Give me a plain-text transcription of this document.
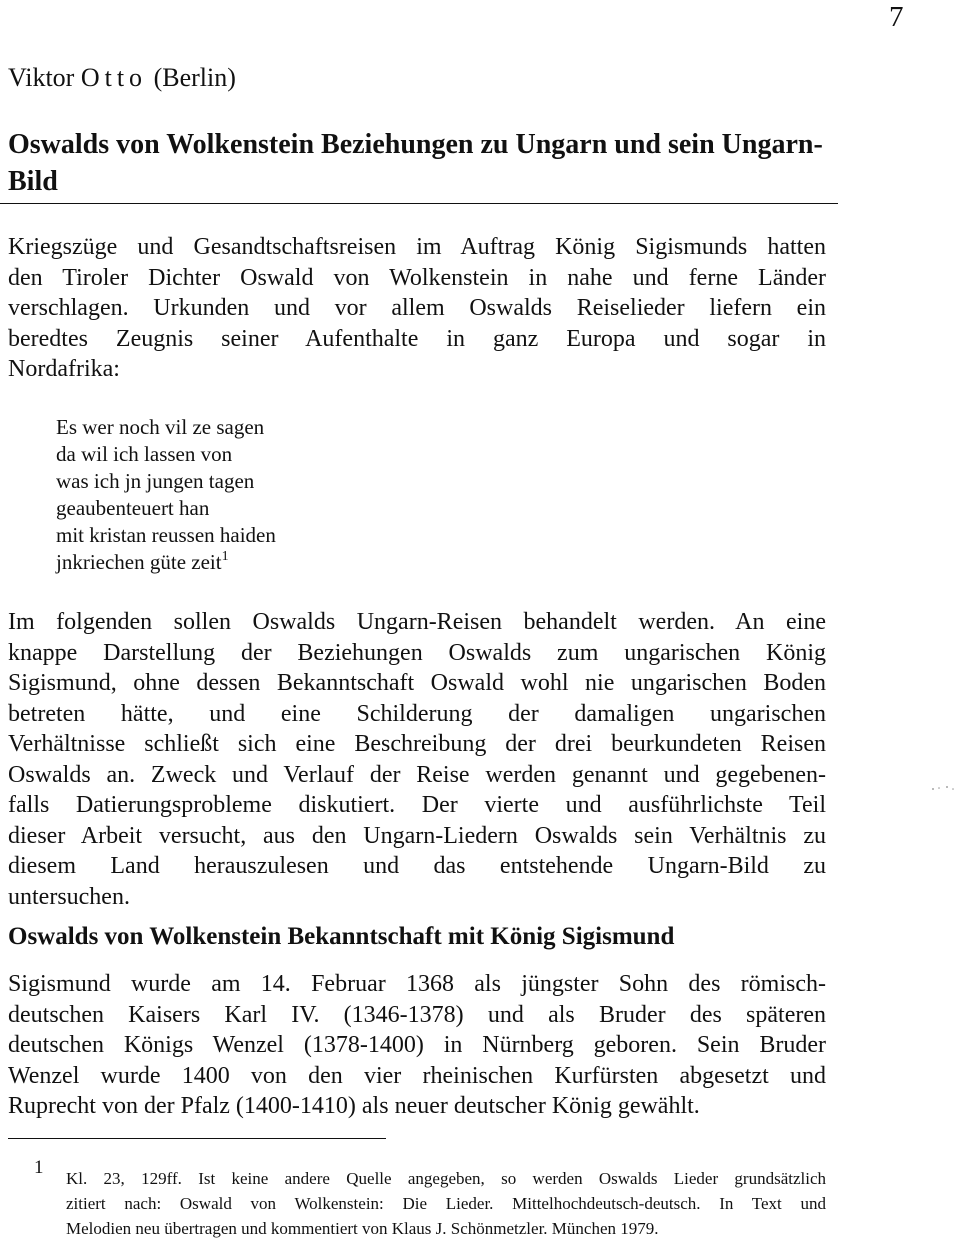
7
Viktor Otto (Berlin)
Oswalds von Wolkenstein Beziehungen zu Ungarn und sein Ungarn-Bild
Kriegszüge und Gesandtschaftsreisen im Auftrag König Sigismunds hatten
den Tiroler Dichter Oswald von Wolkenstein in nahe und ferne Länder
verschlagen. Urkunden und vor allem Oswalds Reiselieder liefern ein
beredtes Zeugnis seiner Aufenthalte in ganz Europa und sogar in
Nordafrika:
Es wer noch vil ze sagen
da wil ich lassen von
was ich jn jungen tagen
geaubenteuert han
mit kristan reussen haiden
jnkriechen güte zeit$^1$
Im folgenden sollen Oswalds Ungarn-Reisen behandelt werden. An eine
knappe Darstellung der Beziehungen Oswalds zum ungarischen König
Sigismund, ohne dessen Bekanntschaft Oswald wohl nie ungarischen Boden
betreten hätte, und eine Schilderung der damaligen ungarischen
Verhältnisse schließt sich eine Beschreibung der drei beurkundeten Reisen
Oswalds an. Zweck und Verlauf der Reise werden genannt und gegebenen-
falls Datierungsprobleme diskutiert. Der vierte und ausführlichste Teil
dieser Arbeit versucht, aus den Ungarn-Liedern Oswalds sein Verhältnis zu
diesem Land herauszulesen und das entstehende Ungarn-Bild zu
untersuchen.
Oswalds von Wolkenstein Bekanntschaft mit König Sigismund
Sigismund wurde am 14. Februar 1368 als jüngster Sohn des römisch-
deutschen Kaisers Karl IV. (1346-1378) und als Bruder des späteren
deutschen Königs Wenzel (1378-1400) in Nürnberg geboren. Sein Bruder
Wenzel wurde 1400 von den vier rheinischen Kurfürsten abgesetzt und
Ruprecht von der Pfalz (1400-1410) als neuer deutscher König gewählt.
1
Kl. 23, 129ff. Ist keine andere Quelle angegeben, so werden Oswalds Lieder grundsätzlich
zitiert nach: Oswald von Wolkenstein: Die Lieder. Mittelhochdeutsch-deutsch. In Text und
Melodien neu übertragen und kommentiert von Klaus J. Schönmetzler. München 1979.
